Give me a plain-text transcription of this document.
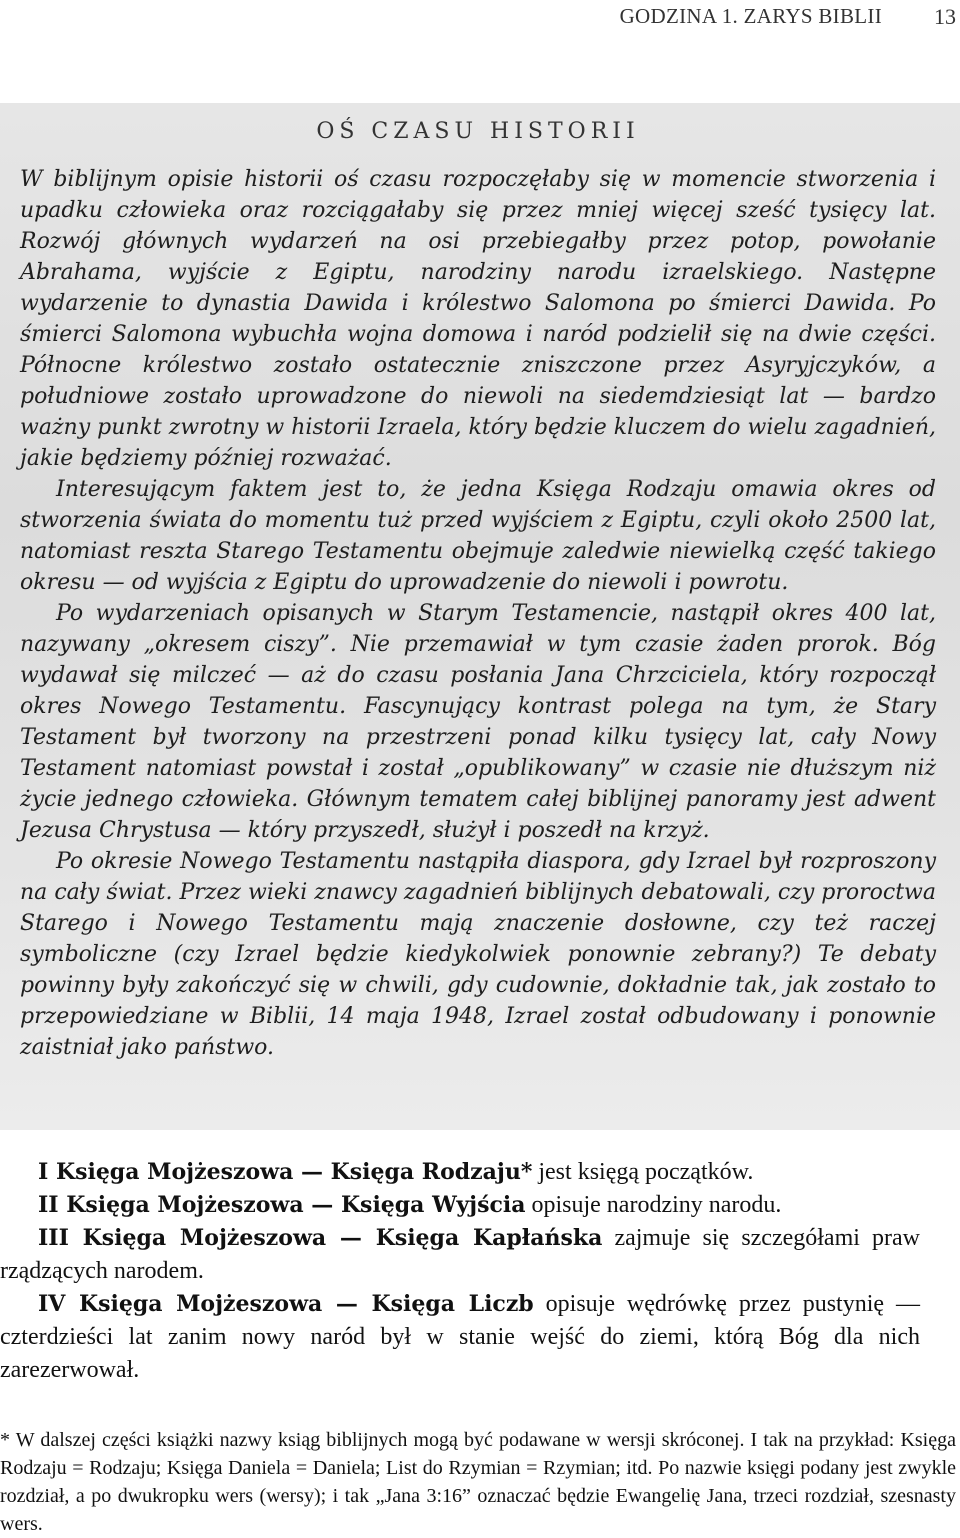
GODZINA 1. ZARYS BIBLII 13
OŚ CZASU HISTORII

W biblijnym opisie historii oś czasu rozpoczęłaby się w momencie stworzenia i upadku człowieka oraz rozciągałaby się przez mniej więcej sześć tysięcy lat. Rozwój głównych wydarzeń na osi przebiegałby przez potop, powołanie Abrahama, wyjście z Egiptu, narodziny narodu izraelskiego. Następne wydarzenie to dynastia Dawida i królestwo Salomona po śmierci Dawida. Po śmierci Salomona wybuchła wojna domowa i naród podzielił się na dwie części. Północne królestwo zostało ostatecznie zniszczone przez Asyryjczyków, a południowe zostało uprowadzone do niewoli na siedemdziesiąt lat — bardzo ważny punkt zwrotny w historii Izraela, który będzie kluczem do wielu zagadnień, jakie będziemy później rozważać.

Interesującym faktem jest to, że jedna Księga Rodzaju omawia okres od stworzenia świata do momentu tuż przed wyjściem z Egiptu, czyli około 2500 lat, natomiast reszta Starego Testamentu obejmuje zaledwie niewielką część takiego okresu — od wyjścia z Egiptu do uprowadzenie do niewoli i powrotu.

Po wydarzeniach opisanych w Starym Testamencie, nastąpił okres 400 lat, nazywany „okresem ciszy”. Nie przemawiał w tym czasie żaden prorok. Bóg wydawał się milczeć — aż do czasu posłania Jana Chrzciciela, który rozpoczął okres Nowego Testamentu. Fascynujący kontrast polega na tym, że Stary Testament był tworzony na przestrzeni ponad kilku tysięcy lat, cały Nowy Testament natomiast powstał i został „opublikowany” w czasie nie dłuższym niż życie jednego człowieka. Głównym tematem całej biblijnej panoramy jest adwent Jezusa Chrystusa — który przyszedł, służył i poszedł na krzyż.

Po okresie Nowego Testamentu nastąpiła diaspora, gdy Izrael był rozproszony na cały świat. Przez wieki znawcy zagadnień biblijnych debatowali, czy proroctwa Starego i Nowego Testamentu mają znaczenie dosłowne, czy też raczej symboliczne (czy Izrael będzie kiedykolwiek ponownie zebrany?) Te debaty powinny były zakończyć się w chwili, gdy cudownie, dokładnie tak, jak zostało to przepowiedziane w Biblii, 14 maja 1948, Izrael został odbudowany i ponownie zaistniał jako państwo.

I Księga Mojżeszowa — Księga Rodzaju* jest księgą początków.

II Księga Mojżeszowa — Księga Wyjścia opisuje narodziny narodu.

III Księga Mojżeszowa — Księga Kapłańska zajmuje się szczegółami praw rządzących narodem.

IV Księga Mojżeszowa — Księga Liczb opisuje wędrówkę przez pustynię — czterdzieści lat zanim nowy naród był w stanie wejść do ziemi, którą Bóg dla nich zarezerwował.

* W dalszej części książki nazwy ksiąg biblijnych mogą być podawane w wersji skróconej. I tak na przykład: Księga Rodzaju = Rodzaju; Księga Daniela = Daniela; List do Rzymian = Rzymian; itd. Po nazwie księgi podany jest zwykle rozdział, a po dwukropku wers (wersy); i tak „Jana 3:16” oznaczać będzie Ewangelię Jana, trzeci rozdział, szesnasty wers.
